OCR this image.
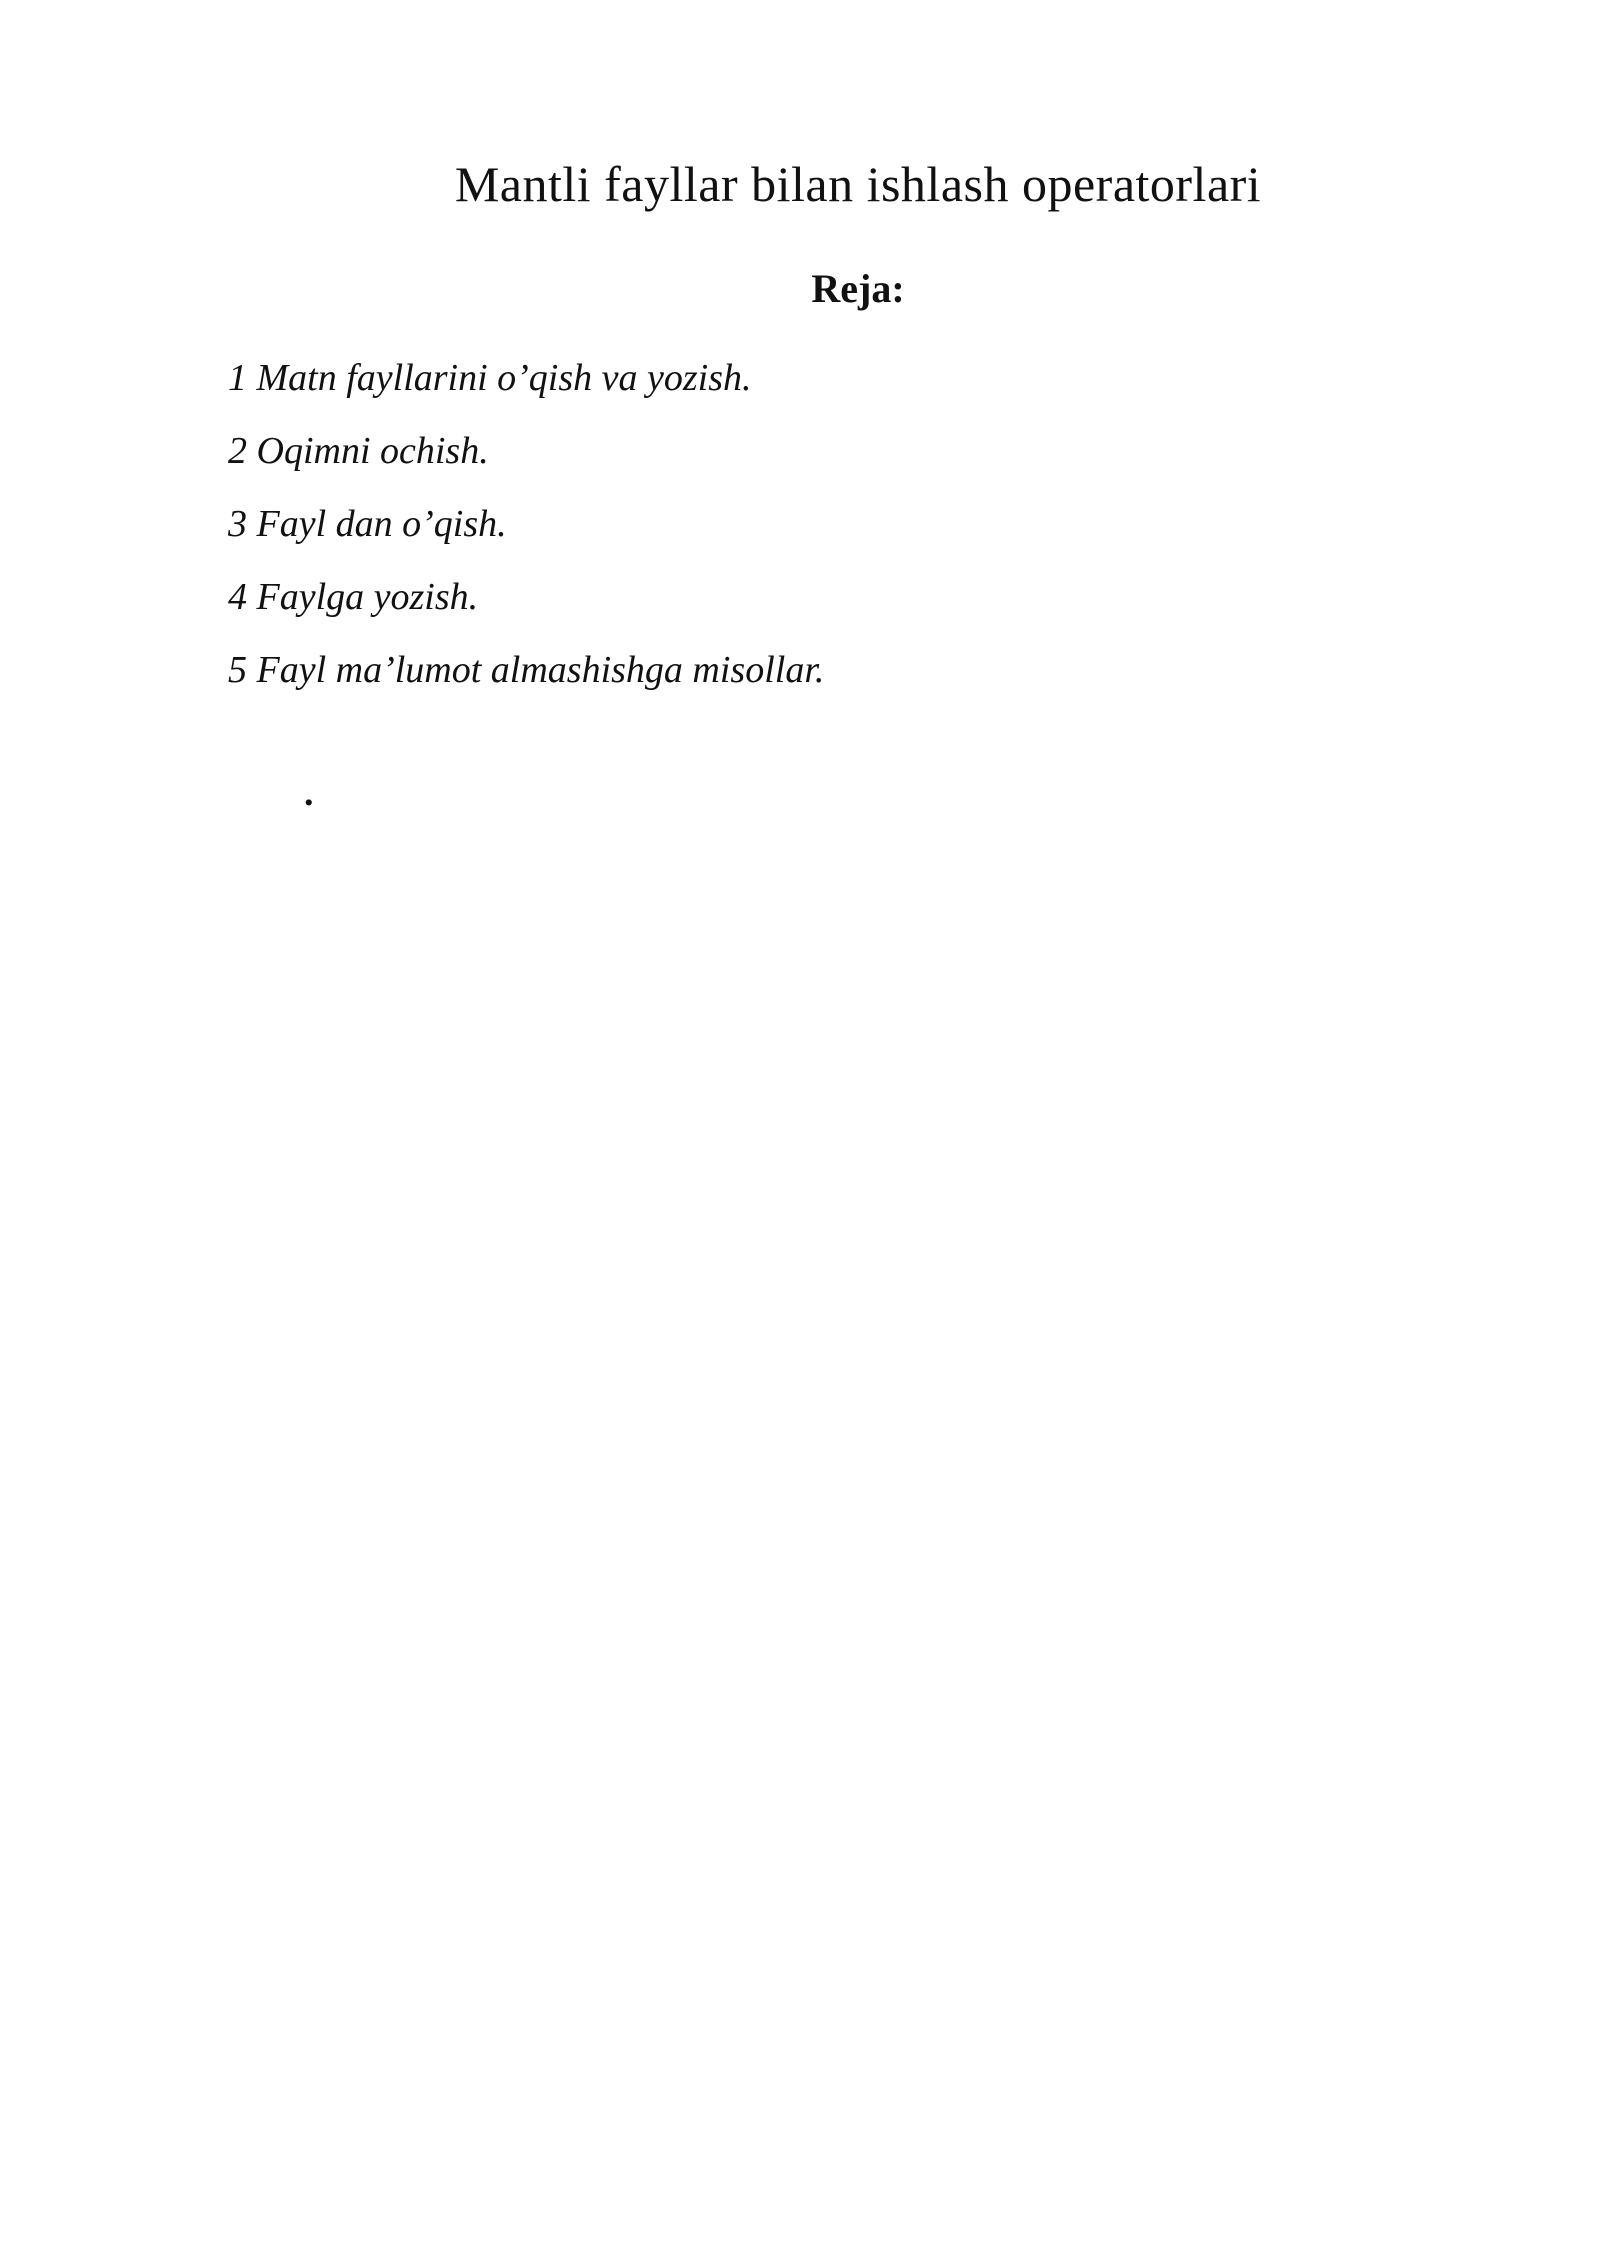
Mantli fayllar bilan ishlash operatorlari
Reja:

1 Matn fayllarini o’qish va yozish.

2 Oqimni ochish.

3 Fayl dan o’qish.

4 Faylga yozish.

5 Fayl ma’lumot almashishga misollar.

.
